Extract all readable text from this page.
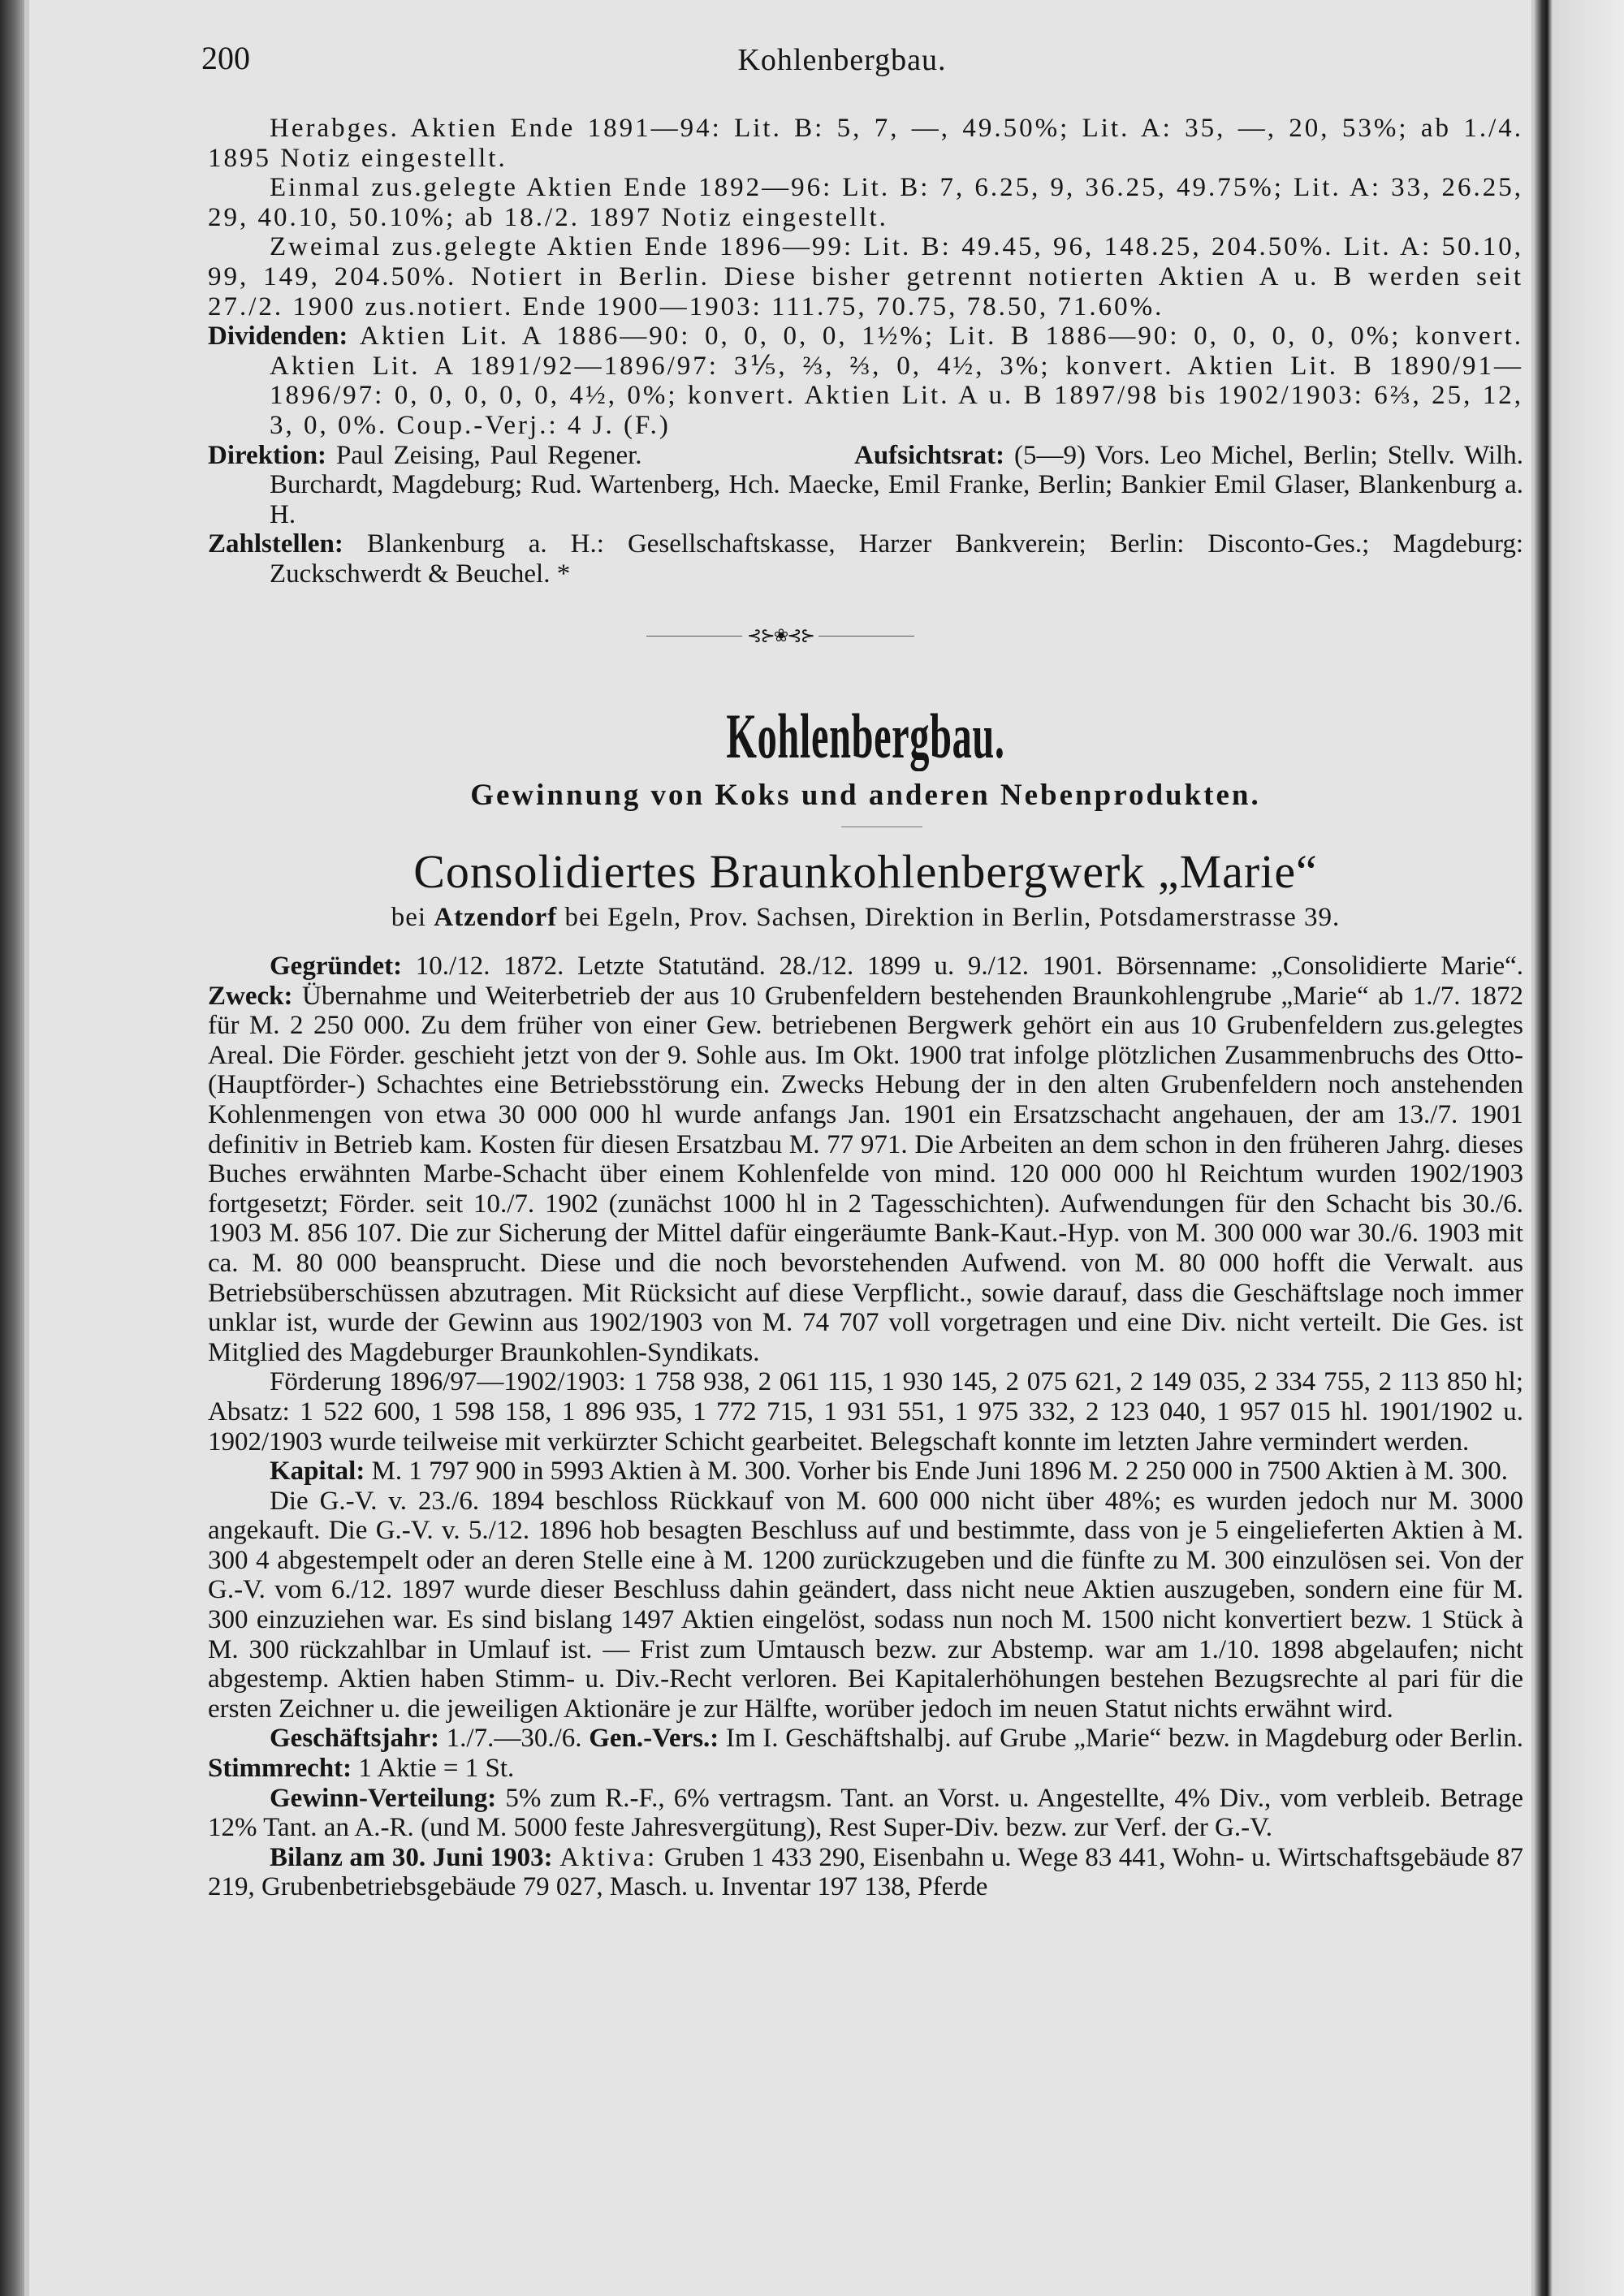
200	Kohlenbergbau.

Herabges. Aktien Ende 1891—94: Lit. B: 5, 7, —, 49.50%; Lit. A: 35, —, 20, 53%; ab 1./4. 1895 Notiz eingestellt.

Einmal zus.gelegte Aktien Ende 1892—96: Lit. B: 7, 6.25, 9, 36.25, 49.75%; Lit. A: 33, 26.25, 29, 40.10, 50.10%; ab 18./2. 1897 Notiz eingestellt.

Zweimal zus.gelegte Aktien Ende 1896—99: Lit. B: 49.45, 96, 148.25, 204.50%. Lit. A: 50.10, 99, 149, 204.50%. Notiert in Berlin. Diese bisher getrennt notierten Aktien A u. B werden seit 27./2. 1900 zus.notiert. Ende 1900—1903: 111.75, 70.75, 78.50, 71.60%.

Dividenden: Aktien Lit. A 1886—90: 0, 0, 0, 0, 1½%; Lit. B 1886—90: 0, 0, 0, 0, 0%; konvert. Aktien Lit. A 1891/92—1896/97: 3⅕, ⅔, ⅔, 0, 4½, 3%; konvert. Aktien Lit. B 1890/91—1896/97: 0, 0, 0, 0, 0, 4½, 0%; konvert. Aktien Lit. A u. B 1897/98 bis 1902/1903: 6⅔, 25, 12, 3, 0, 0%. Coup.-Verj.: 4 J. (F.)

Direktion: Paul Zeising, Paul Regener.	Aufsichtsrat: (5—9) Vors. Leo Michel, Berlin; Stellv. Wilh. Burchardt, Magdeburg; Rud. Wartenberg, Hch. Maecke, Emil Franke, Berlin; Bankier Emil Glaser, Blankenburg a. H.

Zahlstellen: Blankenburg a. H.: Gesellschaftskasse, Harzer Bankverein; Berlin: Disconto-Ges.; Magdeburg: Zuckschwerdt & Beuchel. *

⊰⊱❀⊰⊱
Kohlenbergbau.
Gewinnung von Koks und anderen Nebenprodukten.
Consolidiertes Braunkohlenbergwerk „Marie“
bei Atzendorf bei Egeln, Prov. Sachsen, Direktion in Berlin, Potsdamerstrasse 39.

Gegründet: 10./12. 1872. Letzte Statutänd. 28./12. 1899 u. 9./12. 1901. Börsenname: „Consolidierte Marie“. Zweck: Übernahme und Weiterbetrieb der aus 10 Grubenfeldern bestehenden Braunkohlengrube „Marie“ ab 1./7. 1872 für M. 2 250 000. Zu dem früher von einer Gew. betriebenen Bergwerk gehört ein aus 10 Grubenfeldern zus.gelegtes Areal. Die Förder. geschieht jetzt von der 9. Sohle aus. Im Okt. 1900 trat infolge plötzlichen Zusammenbruchs des Otto- (Hauptförder-) Schachtes eine Betriebsstörung ein. Zwecks Hebung der in den alten Grubenfeldern noch anstehenden Kohlenmengen von etwa 30 000 000 hl wurde anfangs Jan. 1901 ein Ersatzschacht angehauen, der am 13./7. 1901 definitiv in Betrieb kam. Kosten für diesen Ersatzbau M. 77 971. Die Arbeiten an dem schon in den früheren Jahrg. dieses Buches erwähnten Marbe-Schacht über einem Kohlenfelde von mind. 120 000 000 hl Reichtum wurden 1902/1903 fortgesetzt; Förder. seit 10./7. 1902 (zunächst 1000 hl in 2 Tagesschichten). Aufwendungen für den Schacht bis 30./6. 1903 M. 856 107. Die zur Sicherung der Mittel dafür eingeräumte Bank-Kaut.-Hyp. von M. 300 000 war 30./6. 1903 mit ca. M. 80 000 beansprucht. Diese und die noch bevorstehenden Aufwend. von M. 80 000 hofft die Verwalt. aus Betriebsüberschüssen abzutragen. Mit Rücksicht auf diese Verpflicht., sowie darauf, dass die Geschäftslage noch immer unklar ist, wurde der Gewinn aus 1902/1903 von M. 74 707 voll vorgetragen und eine Div. nicht verteilt. Die Ges. ist Mitglied des Magdeburger Braunkohlen-Syndikats.

Förderung 1896/97—1902/1903: 1 758 938, 2 061 115, 1 930 145, 2 075 621, 2 149 035, 2 334 755, 2 113 850 hl; Absatz: 1 522 600, 1 598 158, 1 896 935, 1 772 715, 1 931 551, 1 975 332, 2 123 040, 1 957 015 hl. 1901/1902 u. 1902/1903 wurde teilweise mit verkürzter Schicht gearbeitet. Belegschaft konnte im letzten Jahre vermindert werden.

Kapital: M. 1 797 900 in 5993 Aktien à M. 300. Vorher bis Ende Juni 1896 M. 2 250 000 in 7500 Aktien à M. 300.

Die G.-V. v. 23./6. 1894 beschloss Rückkauf von M. 600 000 nicht über 48%; es wurden jedoch nur M. 3000 angekauft. Die G.-V. v. 5./12. 1896 hob besagten Beschluss auf und bestimmte, dass von je 5 eingelieferten Aktien à M. 300 4 abgestempelt oder an deren Stelle eine à M. 1200 zurückzugeben und die fünfte zu M. 300 einzulösen sei. Von der G.-V. vom 6./12. 1897 wurde dieser Beschluss dahin geändert, dass nicht neue Aktien auszugeben, sondern eine für M. 300 einzuziehen war. Es sind bislang 1497 Aktien eingelöst, sodass nun noch M. 1500 nicht konvertiert bezw. 1 Stück à M. 300 rückzahlbar in Umlauf ist. — Frist zum Umtausch bezw. zur Abstemp. war am 1./10. 1898 abgelaufen; nicht abgestemp. Aktien haben Stimm- u. Div.-Recht verloren. Bei Kapitalerhöhungen bestehen Bezugsrechte al pari für die ersten Zeichner u. die jeweiligen Aktionäre je zur Hälfte, worüber jedoch im neuen Statut nichts erwähnt wird.

Geschäftsjahr: 1./7.—30./6. Gen.-Vers.: Im I. Geschäftshalbj. auf Grube „Marie“ bezw. in Magdeburg oder Berlin. Stimmrecht: 1 Aktie = 1 St.

Gewinn-Verteilung: 5% zum R.-F., 6% vertragsm. Tant. an Vorst. u. Angestellte, 4% Div., vom verbleib. Betrage 12% Tant. an A.-R. (und M. 5000 feste Jahresvergütung), Rest Super-Div. bezw. zur Verf. der G.-V.

Bilanz am 30. Juni 1903: Aktiva: Gruben 1 433 290, Eisenbahn u. Wege 83 441, Wohn- u. Wirtschaftsgebäude 87 219, Grubenbetriebsgebäude 79 027, Masch. u. Inventar 197 138, Pferde
